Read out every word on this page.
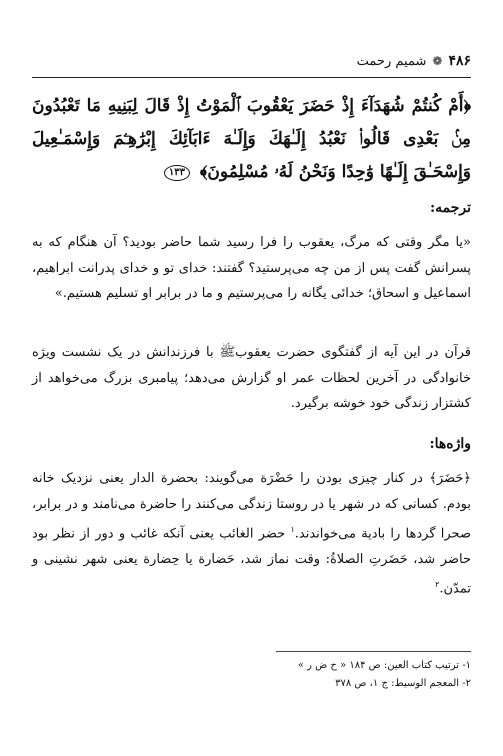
۴۸۶
❁
شمیم رحمت
﴿أَمْ كُنتُمْ شُهَدَآءَ إِذْ حَضَرَ يَعْقُوبَ ٱلْمَوْتُ إِذْ قَالَ لِبَنِيهِ مَا تَعْبُدُونَ مِنۢ بَعْدِى قَالُوا۟ نَعْبُدُ إِلَـٰهَكَ وَإِلَـٰهَ ءَابَآئِكَ إِبْرَٰهِـۧمَ وَإِسْمَـٰعِيلَ وَإِسْحَـٰقَ إِلَـٰهًا وَٰحِدًا وَنَحْنُ لَهُۥ مُسْلِمُونَ﴾ ۱۳۳
ترجمه:
«یا مگر وقتی که مرگ، یعقوب را فرا رسید شما حاضر بودید؟ آن هنگام که به پسرانش گفت پس از من چه می‌پرستید؟ گفتند: خدای تو و خدای پدرانت ابراهیم، اسماعیل و اسحاق؛ خدائی یگانه را می‌پرستیم و ما در برابر او تسلیم هستیم.»
قرآن در این آیه از گفتگوی حضرت یعقوب‌ﷺ با فرزندانش در یک نشست ویژه خانوادگی در آخرین لحظات عمر او گزارش می‌دهد؛ پیامبری بزرگ می‌خواهد از کشتزار زندگی خود خوشه برگیرد.
واژه‌ها:
﴿حَضَرَ﴾ در کنار چیزی بودن را حَضْرَة می‌گویند: بحضرة الدار یعنی نزدیک خانه بودم. کسانی که در شهر یا در روستا زندگی می‌کنند را حاضرة می‌نامند و در برابر، صحرا گردها را بادیة می‌خواندند.$^۱$ حضر الغائب یعنی آنکه غائب و دور از نظر بود حاضر شد، حَضَرتِ الصلاةُ: وقت نماز شد، حَضارة یا حِضارة یعنی شهر نشینی و تمدّن.$^۲$
۱- ترتیب کتاب العین: ص ۱۸۴ « ح ض ر »
۲- المعجم الوسیط: ج ۱، ص ۳۷۸
